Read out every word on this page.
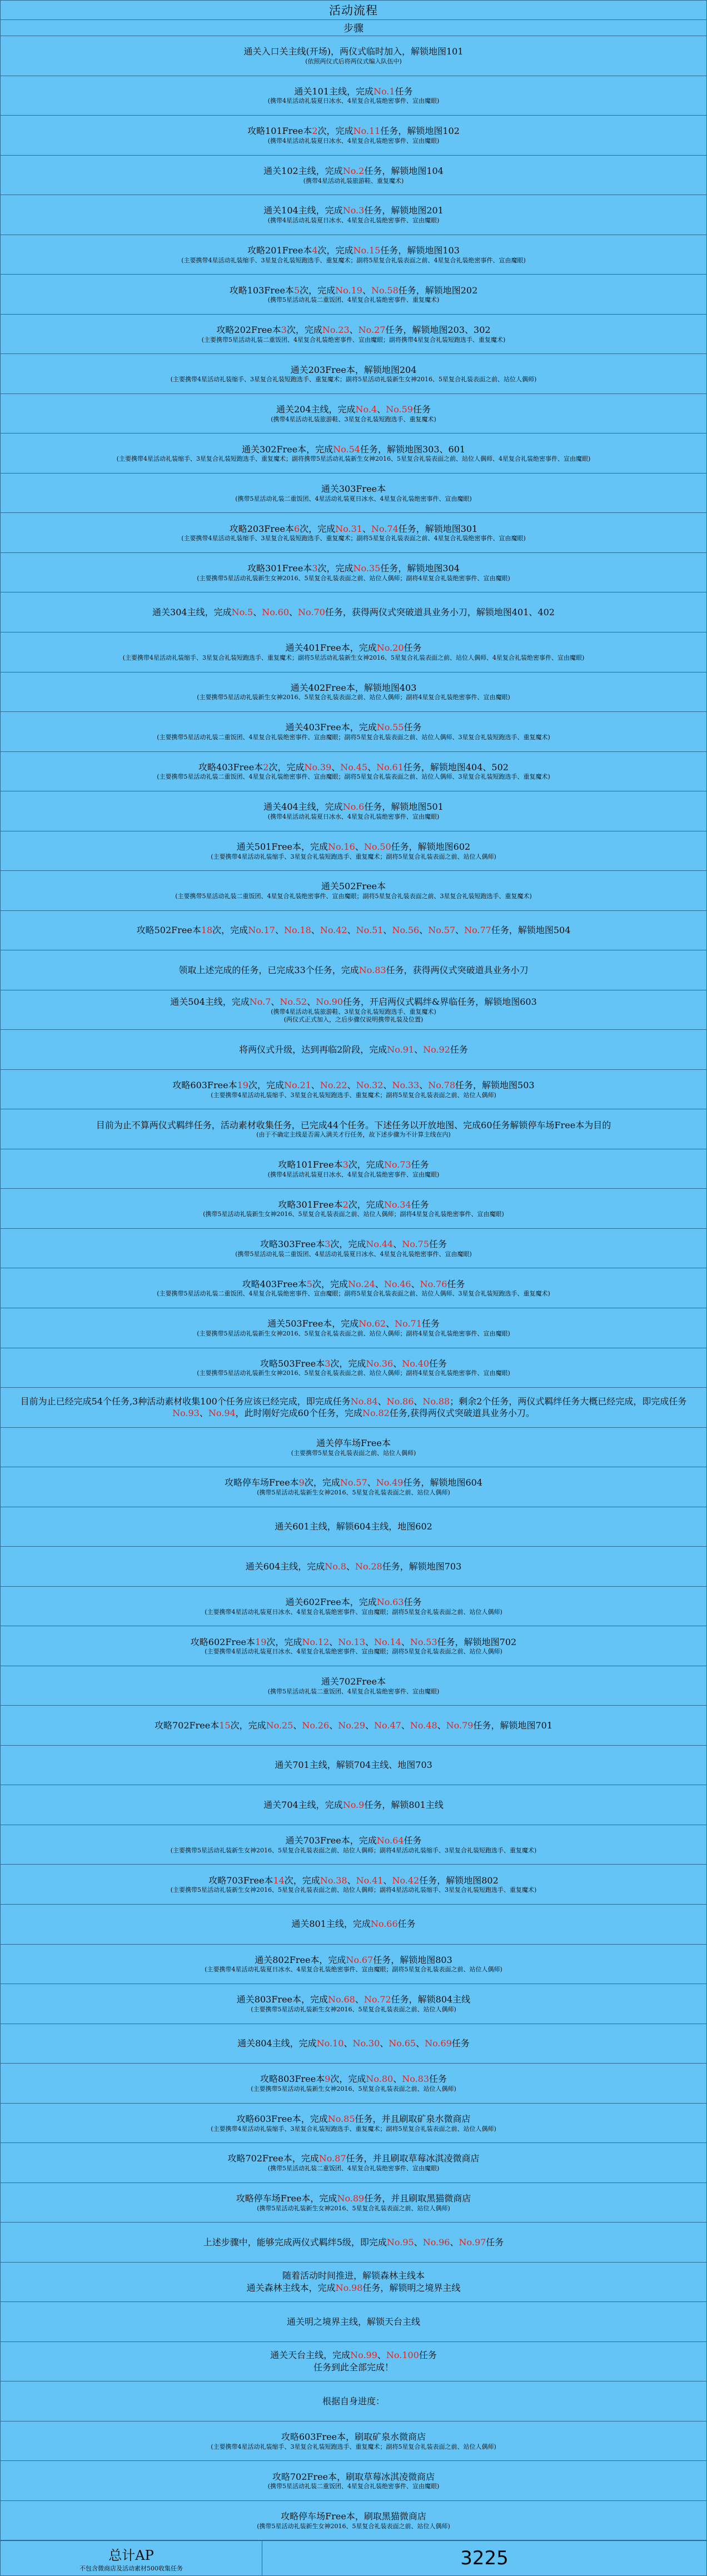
活动流程
步骤
通关入口关主线(开场)，两仪式临时加入，解锁地图101
(依照两仪式后将两仪式编入队伍中)
通关101主线，完成No.1任务
(携带4星活动礼装夏日冰水、4星复合礼装绝密事件、宣由魔眼)
攻略101Free本2次，完成No.11任务，解锁地图102
(携带4星活动礼装夏日冰水、4星复合礼装绝密事件、宣由魔眼)
通关102主线，完成No.2任务，解锁地图104
(携带4星活动礼装旅游鞋、重复魔术)
通关104主线，完成No.3任务，解锁地图201
(携带4星活动礼装夏日冰水、4星复合礼装绝密事件、宣由魔眼)
攻略201Free本4次，完成No.15任务，解锁地图103
(主要携带4星活动礼装缩手、3星复合礼装短跑选手、重复魔术；副将5星复合礼装表面之前、4星复合礼装绝密事件、宣由魔眼)
攻略103Free本5次，完成No.19、No.58任务，解锁地图202
(携带5星活动礼装二重饭团、4星复合礼装绝密事件、重复魔术)
攻略202Free本3次，完成No.23、No.27任务，解锁地图203、302
(主要携带5星活动礼装二重饭团、4星复合礼装绝密事件、宣由魔眼；副将携带4星复合礼装短跑选手、重复魔术)
通关203Free本，解锁地图204
(主要携带4星活动礼装缩手、3星复合礼装短跑选手、重复魔术；副将5星活动礼装新生女神2016、5星复合礼装表面之前、站位人偶师)
通关204主线，完成No.4、No.59任务
(携带4星活动礼装旅游鞋、3星复合礼装短跑选手、重复魔术)
通关302Free本，完成No.54任务，解锁地图303、601
(主要携带4星活动礼装缩手、3星复合礼装短跑选手、重复魔术；副将携带5星活动礼装新生女神2016、5星复合礼装表面之前、站位人偶师、4星复合礼装绝密事件、宣由魔眼)
通关303Free本
(携带5星活动礼装二重饭团、4星活动礼装夏日冰水、4星复合礼装绝密事件、宣由魔眼)
攻略203Free本6次，完成No.31、No.74任务，解锁地图301
(主要携带4星活动礼装缩手、3星复合礼装短跑选手、重复魔术；副将5星复合礼装表面之前、4星复合礼装绝密事件、宣由魔眼)
攻略301Free本3次，完成No.35任务，解锁地图304
(主要携带5星活动礼装新生女神2016、5星复合礼装表面之前、站位人偶师；副将4星复合礼装绝密事件、宣由魔眼)
通关304主线，完成No.5、No.60、No.70任务，获得两仪式突破道具业务小刀，解锁地图401、402
通关401Free本，完成No.20任务
(主要携带4星活动礼装缩手、3星复合礼装短跑选手、重复魔术；副将5星活动礼装新生女神2016、5星复合礼装表面之前、站位人偶师、4星复合礼装绝密事件、宣由魔眼)
通关402Free本，解锁地图403
(主要携带5星活动礼装新生女神2016、5星复合礼装表面之前、站位人偶师；副将4星复合礼装绝密事件、宣由魔眼)
通关403Free本，完成No.55任务
(主要携带5星活动礼装二重饭团、4星复合礼装绝密事件、宣由魔眼；副将5星复合礼装表面之前、站位人偶师、3星复合礼装短跑选手、重复魔术)
攻略403Free本2次，完成No.39、No.45、No.61任务，解锁地图404、502
(主要携带5星活动礼装二重饭团、4星复合礼装绝密事件、宣由魔眼；副将5星复合礼装表面之前、站位人偶师、3星复合礼装短跑选手、重复魔术)
通关404主线，完成No.6任务，解锁地图501
(携带4星活动礼装夏日冰水、4星复合礼装绝密事件、宣由魔眼)
通关501Free本，完成No.16、No.50任务，解锁地图602
(主要携带4星活动礼装缩手、3星复合礼装短跑选手、重复魔术；副将5星复合礼装表面之前、站位人偶师)
通关502Free本
(主要携带5星活动礼装二重饭团、4星复合礼装绝密事件、宣由魔眼；副将5星复合礼装表面之前、3星复合礼装短跑选手、重复魔术)
攻略502Free本18次，完成No.17、No.18、No.42、No.51、No.56、No.57、No.77任务，解锁地图504
领取上述完成的任务，已完成33个任务，完成No.83任务，获得两仪式突破道具业务小刀
通关504主线，完成No.7、No.52、No.90任务，开启两仪式羁绊&界临任务，解锁地图603
(携带4星活动礼装旅游鞋、3星复合礼装短跑选手、重复魔术)
(两仪式正式加入，之后步骤仅说明携带礼装及位置)
将两仪式升级，达到再临2阶段，完成No.91、No.92任务
攻略603Free本19次，完成No.21、No.22、No.32、No.33、No.78任务，解锁地图503
(主要携带4星活动礼装缩手、3星复合礼装短跑选手、重复魔术；副将5星复合礼装表面之前、站位人偶师)
目前为止不算两仪式羁绊任务，活动素材收集任务，已完成44个任务。下述任务以开放地图、完成60任务解锁停车场Free本为目的
(由于不确定主线是否需入满关才行任务，故下述步骤为不计算主线在内)
攻略101Free本3次，完成No.73任务
(携带4星活动礼装夏日冰水、4星复合礼装绝密事件、宣由魔眼)
攻略301Free本2次，完成No.34任务
(携带5星活动礼装新生女神2016、5星复合礼装表面之前、站位人偶师；副将4星复合礼装绝密事件、宣由魔眼)
攻略303Free本3次，完成No.44、No.75任务
(携带5星活动礼装二重饭团、4星活动礼装夏日冰水、4星复合礼装绝密事件、宣由魔眼)
攻略403Free本5次，完成No.24、No.46、No.76任务
(主要携带5星活动礼装二重饭团、4星复合礼装绝密事件、宣由魔眼；副将5星复合礼装表面之前、站位人偶师、3星复合礼装短跑选手、重复魔术)
通关503Free本，完成No.62、No.71任务
(主要携带5星活动礼装新生女神2016、5星复合礼装表面之前、站位人偶师；副将4星复合礼装绝密事件、宣由魔眼)
攻略503Free本3次，完成No.36、No.40任务
(主要携带5星活动礼装新生女神2016、5星复合礼装表面之前、站位人偶师；副将4星复合礼装绝密事件、宣由魔眼)
目前为止已经完成54个任务,3种活动素材收集100个任务应该已经完成，即完成任务No.84、No.86、No.88；剩余2个任务，两仪式羁绊任务大概已经完成，即完成任务No.93、No.94，此时刚好完成60个任务，完成No.82任务,获得两仪式突破道具业务小刀。
通关停车场Free本
(主要携带5星复合礼装表面之前、站位人偶师)
攻略停车场Free本9次，完成No.57、No.49任务，解锁地图604
(携带5星活动礼装新生女神2016、5星复合礼装表面之前、站位人偶师)
通关601主线，解锁604主线，地图602
通关604主线，完成No.8、No.28任务，解锁地图703
通关602Free本，完成No.63任务
(主要携带4星活动礼装夏日冰水、4星复合礼装绝密事件、宣由魔眼；副将5星复合礼装表面之前、站位人偶师)
攻略602Free本19次，完成No.12、No.13、No.14、No.53任务，解锁地图702
(主要携带4星活动礼装夏日冰水、4星复合礼装绝密事件、宣由魔眼；副将5星复合礼装表面之前、站位人偶师)
通关702Free本
(携带5星活动礼装二重饭团、4星复合礼装绝密事件、宣由魔眼)
攻略702Free本15次，完成No.25、No.26、No.29、No.47、No.48、No.79任务，解锁地图701
通关701主线，解锁704主线、地图703
通关704主线，完成No.9任务，解锁801主线
通关703Free本，完成No.64任务
(主要携带5星活动礼装新生女神2016、5星复合礼装表面之前、站位人偶师；副将4星活动礼装缩手、3星复合礼装短跑选手、重复魔术)
攻略703Free本14次，完成No.38、No.41、No.42任务，解锁地图802
(主要携带5星活动礼装新生女神2016、5星复合礼装表面之前、站位人偶师；副将4星活动礼装缩手、3星复合礼装短跑选手、重复魔术)
通关801主线，完成No.66任务
通关802Free本，完成No.67任务，解锁地图803
(主要携带4星活动礼装夏日冰水、4星复合礼装绝密事件、宣由魔眼；副将5星复合礼装表面之前、站位人偶师)
通关803Free本，完成No.68、No.72任务，解锁804主线
(主要携带5星活动礼装新生女神2016、5星复合礼装表面之前、站位人偶师)
通关804主线，完成No.10、No.30、No.65、No.69任务
攻略803Free本9次，完成No.80、No.83任务
(主要携带5星活动礼装新生女神2016、5星复合礼装表面之前、站位人偶师)
攻略603Free本，完成No.85任务，并且刷取矿泉水微商店
(主要携带4星活动礼装缩手、3星复合礼装短跑选手、重复魔术；副将5星复合礼装表面之前、站位人偶师)
攻略702Free本，完成No.87任务，并且刷取草莓冰淇凌微商店
(携带5星活动礼装二重饭团、4星复合礼装绝密事件、宣由魔眼)
攻略停车场Free本，完成No.89任务，并且刷取黑猫微商店
(携带5星活动礼装新生女神2016、5星复合礼装表面之前、站位人偶师)
上述步骤中，能够完成两仪式羁绊5级，即完成No.95、No.96、No.97任务
随着活动时间推进，解锁森林主线本
通关森林主线本，完成No.98任务，解锁明之境界主线
通关明之境界主线，解锁天台主线
通关天台主线，完成No.99、No.100任务
任务到此全部完成！
根据自身进度：
攻略603Free本，刷取矿泉水微商店
(主要携带4星活动礼装缩手、3星复合礼装短跑选手、重复魔术；副将5星复合礼装表面之前、站位人偶师)
攻略702Free本，刷取草莓冰淇凌微商店
(携带5星活动礼装二重饭团、4星复合礼装绝密事件、宣由魔眼)
攻略停车场Free本，刷取黑猫微商店
(携带5星活动礼装新生女神2016、5星复合礼装表面之前、站位人偶师)
总计AP
不包含微商店及活动素材500收集任务	3225
